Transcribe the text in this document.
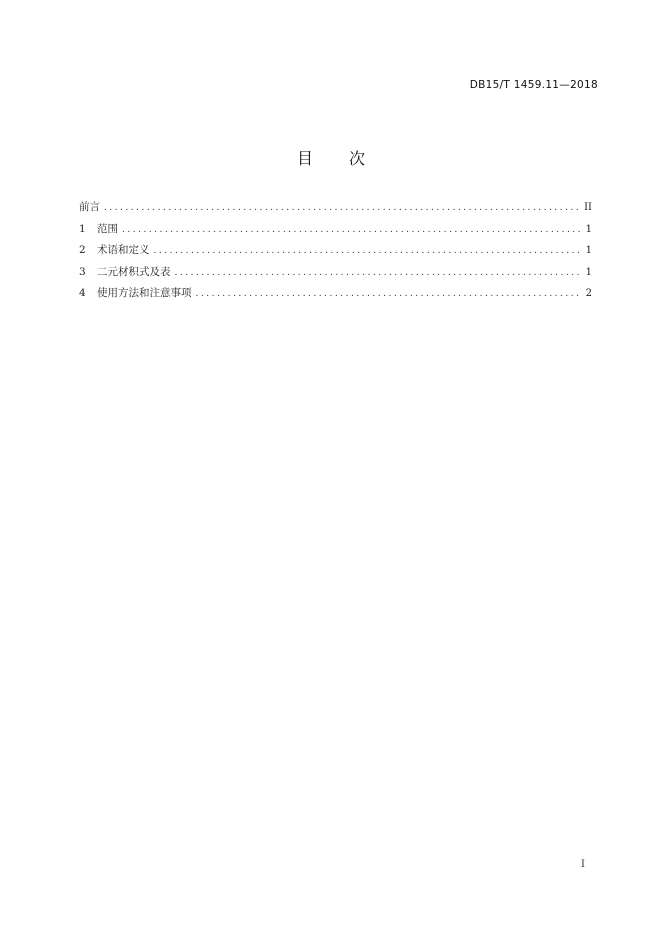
DB15/T 1459.11—2018
目 次
前言 .....	II
1	范围 .....	1
2	术语和定义 .....	1
3	二元材积式及表 .....	1
4	使用方法和注意事项 .....	2
I
